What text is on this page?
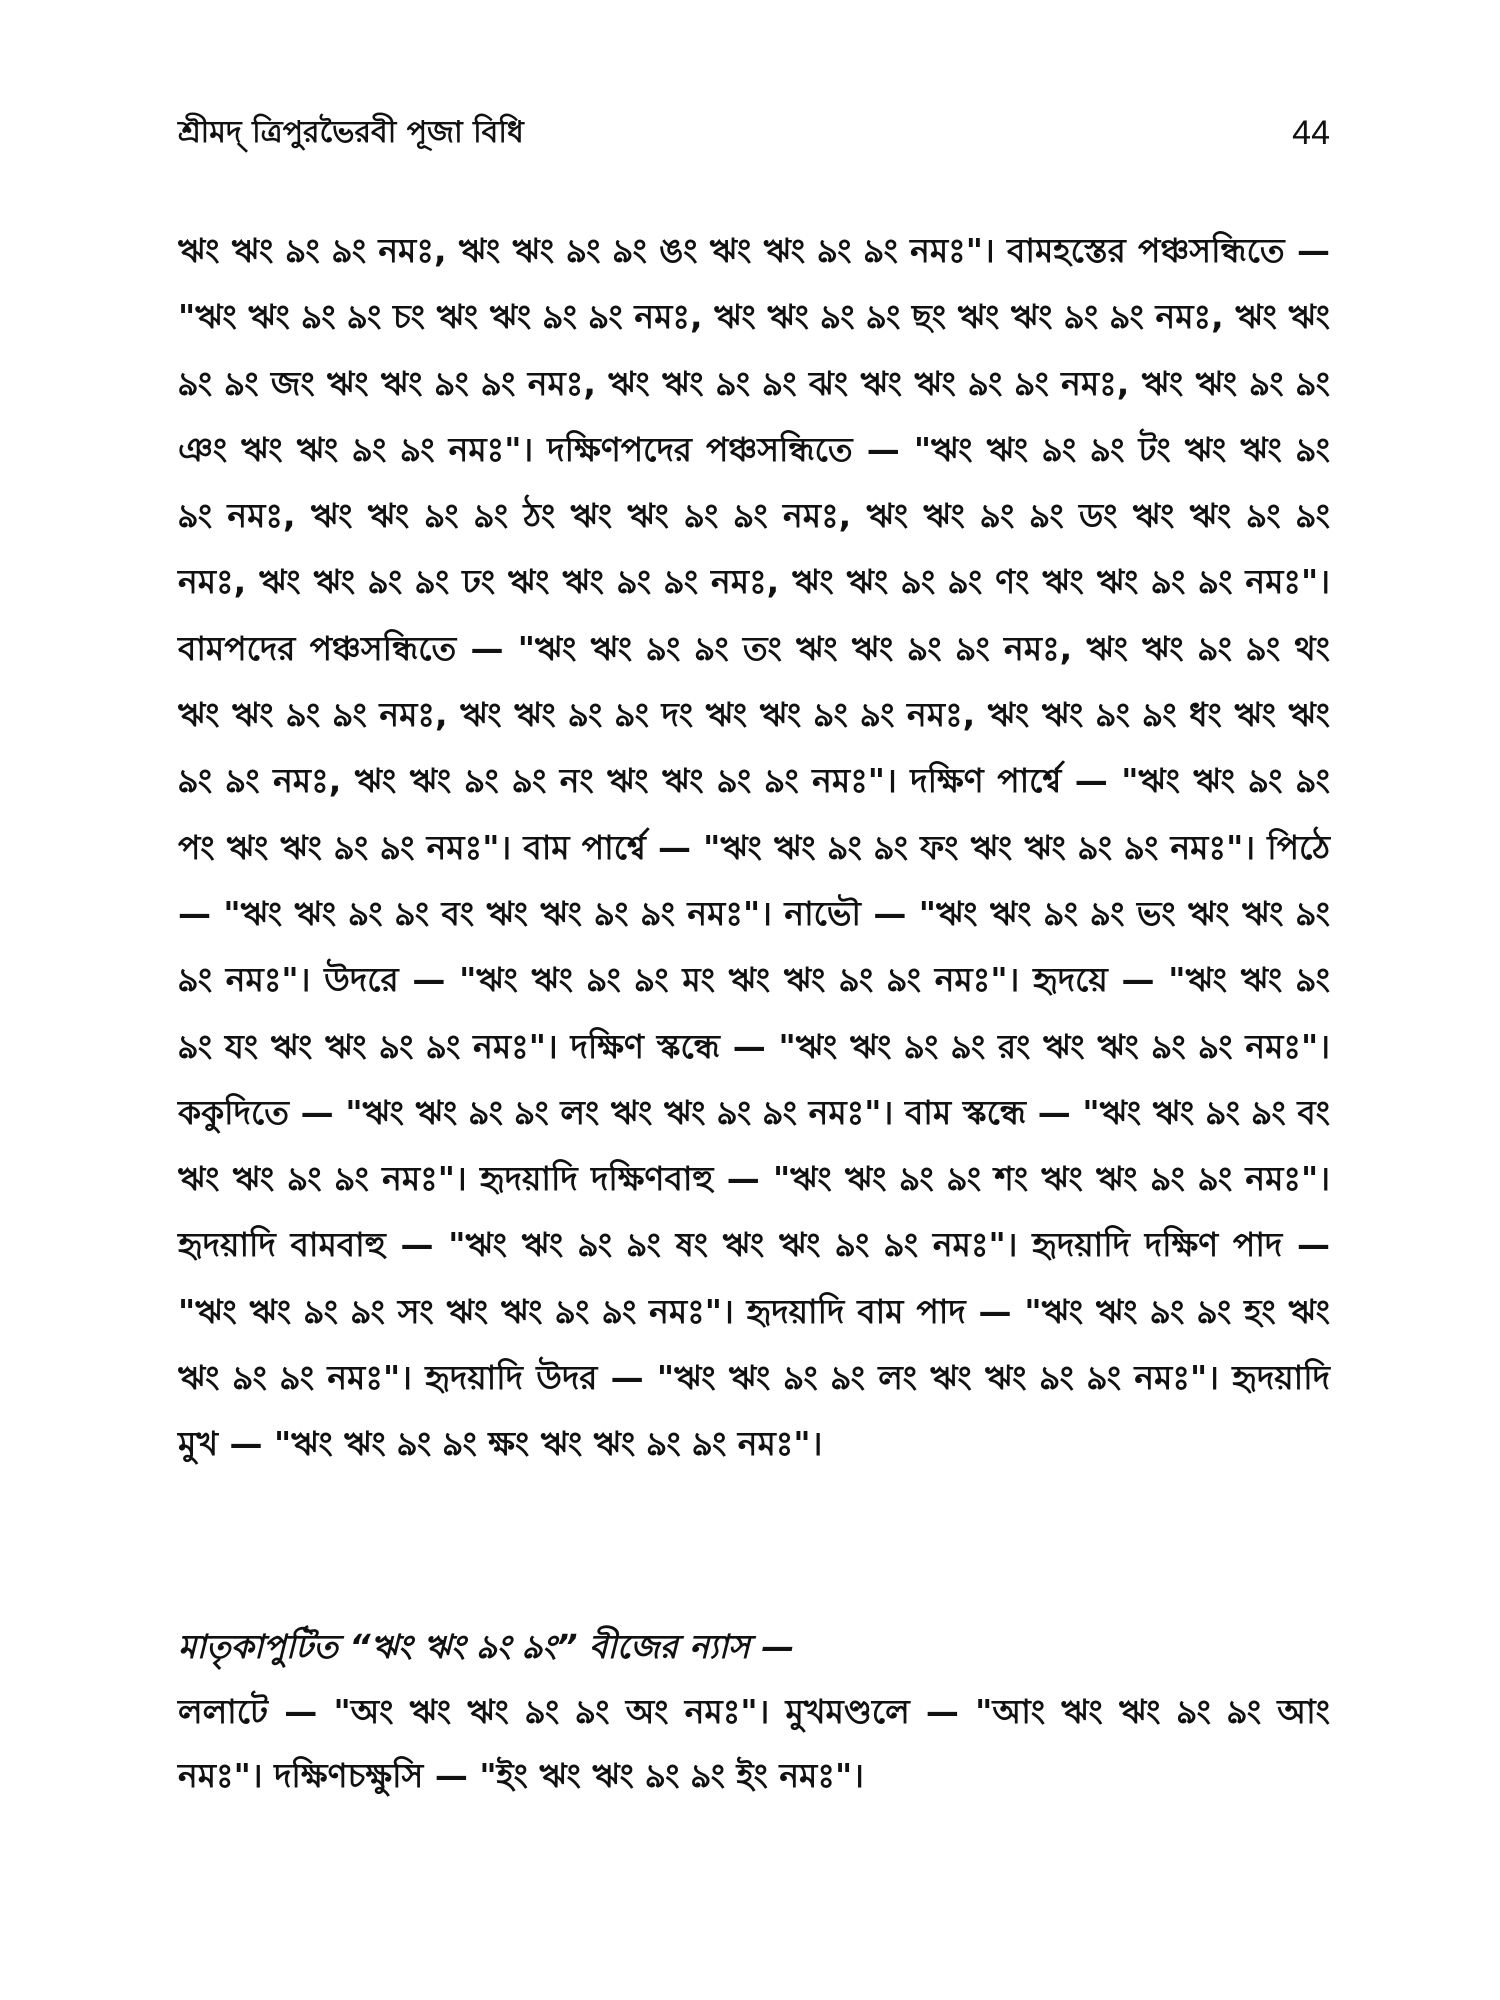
শ্রীমদ্‌ ত্রিপুরভৈরবী পূজা বিধি	44
ঋং ঋং ঌং ঌং নমঃ, ঋং ঋং ঌং ঌং ঙং ঋং ঋং ঌং ঌং নমঃ"। বামহস্তের পঞ্চসন্ধিতে — "ঋং ঋং ঌং ঌং চং ঋং ঋং ঌং ঌং নমঃ, ঋং ঋং ঌং ঌং ছং ঋং ঋং ঌং ঌং নমঃ, ঋং ঋং ঌং ঌং জং ঋং ঋং ঌং ঌং নমঃ, ঋং ঋং ঌং ঌং ঝং ঋং ঋং ঌং ঌং নমঃ, ঋং ঋং ঌং ঌং ঞং ঋং ঋং ঌং ঌং নমঃ"। দক্ষিণপদের পঞ্চসন্ধিতে — "ঋং ঋং ঌং ঌং টং ঋং ঋং ঌং ঌং নমঃ, ঋং ঋং ঌং ঌং ঠং ঋং ঋং ঌং ঌং নমঃ, ঋং ঋং ঌং ঌং ডং ঋং ঋং ঌং ঌং নমঃ, ঋং ঋং ঌং ঌং ঢং ঋং ঋং ঌং ঌং নমঃ, ঋং ঋং ঌং ঌং ণং ঋং ঋং ঌং ঌং নমঃ"। বামপদের পঞ্চসন্ধিতে — "ঋং ঋং ঌং ঌং তং ঋং ঋং ঌং ঌং নমঃ, ঋং ঋং ঌং ঌং থং ঋং ঋং ঌং ঌং নমঃ, ঋং ঋং ঌং ঌং দং ঋং ঋং ঌং ঌং নমঃ, ঋং ঋং ঌং ঌং ধং ঋং ঋং ঌং ঌং নমঃ, ঋং ঋং ঌং ঌং নং ঋং ঋং ঌং ঌং নমঃ"। দক্ষিণ পার্শ্বে — "ঋং ঋং ঌং ঌং পং ঋং ঋং ঌং ঌং নমঃ"। বাম পার্শ্বে — "ঋং ঋং ঌং ঌং ফং ঋং ঋং ঌং ঌং নমঃ"। পিঠে — "ঋং ঋং ঌং ঌং বং ঋং ঋং ঌং ঌং নমঃ"। নাভৌ — "ঋং ঋং ঌং ঌং ভং ঋং ঋং ঌং ঌং নমঃ"। উদরে — "ঋং ঋং ঌং ঌং মং ঋং ঋং ঌং ঌং নমঃ"। হৃদয়ে — "ঋং ঋং ঌং ঌং যং ঋং ঋং ঌং ঌং নমঃ"। দক্ষিণ স্কন্ধে — "ঋং ঋং ঌং ঌং রং ঋং ঋং ঌং ঌং নমঃ"। ককুদিতে — "ঋং ঋং ঌং ঌং লং ঋং ঋং ঌং ঌং নমঃ"। বাম স্কন্ধে — "ঋং ঋং ঌং ঌং বং ঋং ঋং ঌং ঌং নমঃ"। হৃদয়াদি দক্ষিণবাহু — "ঋং ঋং ঌং ঌং শং ঋং ঋং ঌং ঌং নমঃ"। হৃদয়াদি বামবাহু — "ঋং ঋং ঌং ঌং ষং ঋং ঋং ঌং ঌং নমঃ"। হৃদয়াদি দক্ষিণ পাদ — "ঋং ঋং ঌং ঌং সং ঋং ঋং ঌং ঌং নমঃ"। হৃদয়াদি বাম পাদ — "ঋং ঋং ঌং ঌং হং ঋং ঋং ঌং ঌং নমঃ"। হৃদয়াদি উদর — "ঋং ঋং ঌং ঌং লং ঋং ঋং ঌং ঌং নমঃ"। হৃদয়াদি মুখ — "ঋং ঋং ঌং ঌং ক্ষং ঋং ঋং ঌং ঌং নমঃ"।
মাতৃকাপুটিত “ঋং ঋং ঌং ঌং” বীজের ন্যাস —

ললাটে — "অং ঋং ঋং ঌং ঌং অং নমঃ"। মুখমণ্ডলে — "আং ঋং ঋং ঌং ঌং আং নমঃ"। দক্ষিণচক্ষুসি — "ইং ঋং ঋং ঌং ঌং ইং নমঃ"।
